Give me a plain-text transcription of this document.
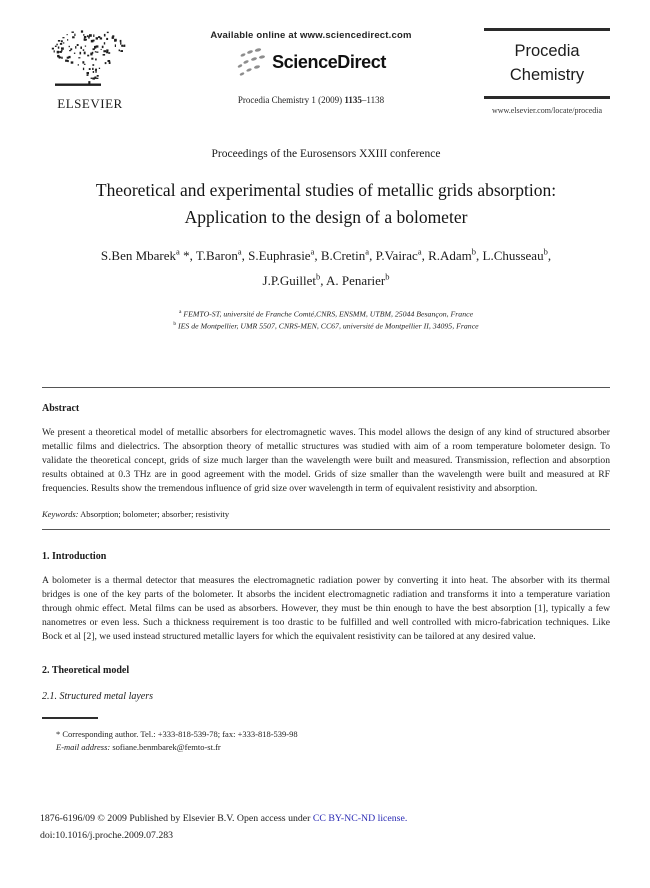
ELSEVIER
Available online at www.sciencedirect.com
ScienceDirect
Procedia Chemistry 1 (2009) 1135–1138
Procedia
Chemistry
www.elsevier.com/locate/procedia
Proceedings of the Eurosensors XXIII conference
Theoretical and experimental studies of metallic grids absorption:
Application to the design of a bolometer
S.Ben Mbarek$^a$ *, T.Baron$^a$, S.Euphrasie$^a$, B.Cretin$^a$, P.Vairac$^a$, R.Adam$^b$, L.Chusseau$^b$,
J.P.Guillet$^b$, A. Penarier$^b$
$^a$ FEMTO-ST, université de Franche Comté,CNRS, ENSMM, UTBM, 25044 Besançon, France
$^b$ IES de Montpellier, UMR 5507, CNRS-MEN, CC67, université de Montpellier II, 34095, France
Abstract
We present a theoretical model of metallic absorbers for electromagnetic waves. This model allows the design of any kind of structured absorber metallic films and dielectrics. The absorption theory of metallic structures was studied with aim of a room temperature bolometer design. To validate the theoretical concept, grids of size much larger than the wavelength were built and measured. Transmission, reflection and absorption results obtained at 0.3 THz are in good agreement with the model. Grids of size smaller than the wavelength were built and measured at RF frequencies. Results show the tremendous influence of grid size over wavelength in term of equivalent resistivity and absorption.
Keywords: Absorption; bolometer; absorber; resistivity
1. Introduction
A bolometer is a thermal detector that measures the electromagnetic radiation power by converting it into heat. The absorber with its thermal bridges is one of the key parts of the bolometer. It absorbs the incident electromagnetic radiation and transforms it into a temperature variation through ohmic effect. Metal films can be used as absorbers. However, they must be thin enough to have the best absorption [1], typically a few nanometres or even less. Such a thickness requirement is too drastic to be fulfilled and well controlled with micro-fabrication techniques. Like Bock et al [2], we used instead structured metallic layers for which the equivalent resistivity can be tailored at any desired value.
2. Theoretical model
2.1. Structured metal layers
* Corresponding author. Tel.: +333-818-539-78; fax: +333-818-539-98
E-mail address: sofiane.benmbarek@femto-st.fr
1876-6196/09 © 2009 Published by Elsevier B.V. Open access under CC BY-NC-ND license.
doi:10.1016/j.proche.2009.07.283
